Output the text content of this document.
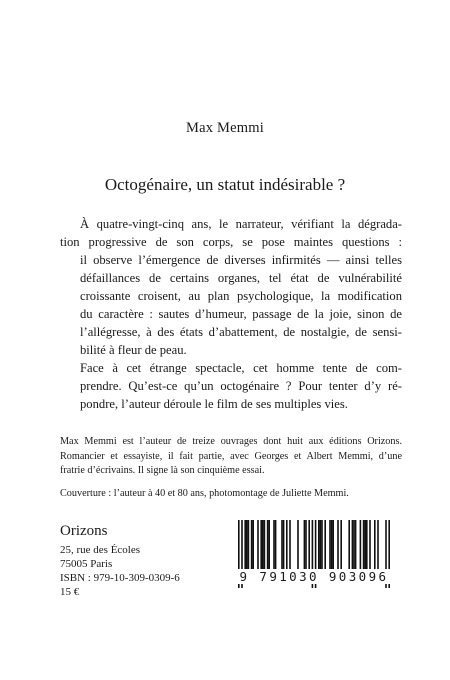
Max Memmi
Octogénaire, un statut indésirable ?

À quatre-vingt-cinq ans, le narrateur, vérifiant la dégrada-
tion progressive de son corps, se pose maintes questions :
il observe l’émergence de diverses infirmités — ainsi telles
défaillances de certains organes, tel état de vulnérabilité
croissante croisent, au plan psychologique, la modification
du caractère : sautes d’humeur, passage de la joie, sinon de
l’allégresse, à des états d’abattement, de nostalgie, de sensi-
bilité à fleur de peau.

Face à cet étrange spectacle, cet homme tente de com-
prendre. Qu’est-ce qu’un octogénaire ? Pour tenter d’y ré-
pondre, l’auteur déroule le film de ses multiples vies.

Max Memmi est l’auteur de treize ouvrages dont huit aux éditions Orizons.
Romancier et essayiste, il fait partie, avec Georges et Albert Memmi, d’une
fratrie d’écrivains. Il signe là son cinquième essai.
Couverture : l’auteur à 40 et 80 ans, photomontage de Juliette Memmi.
Orizons
25, rue des Écoles
75005 Paris
ISBN : 979-10-309-0309-6
15 €
9 791030 903096
